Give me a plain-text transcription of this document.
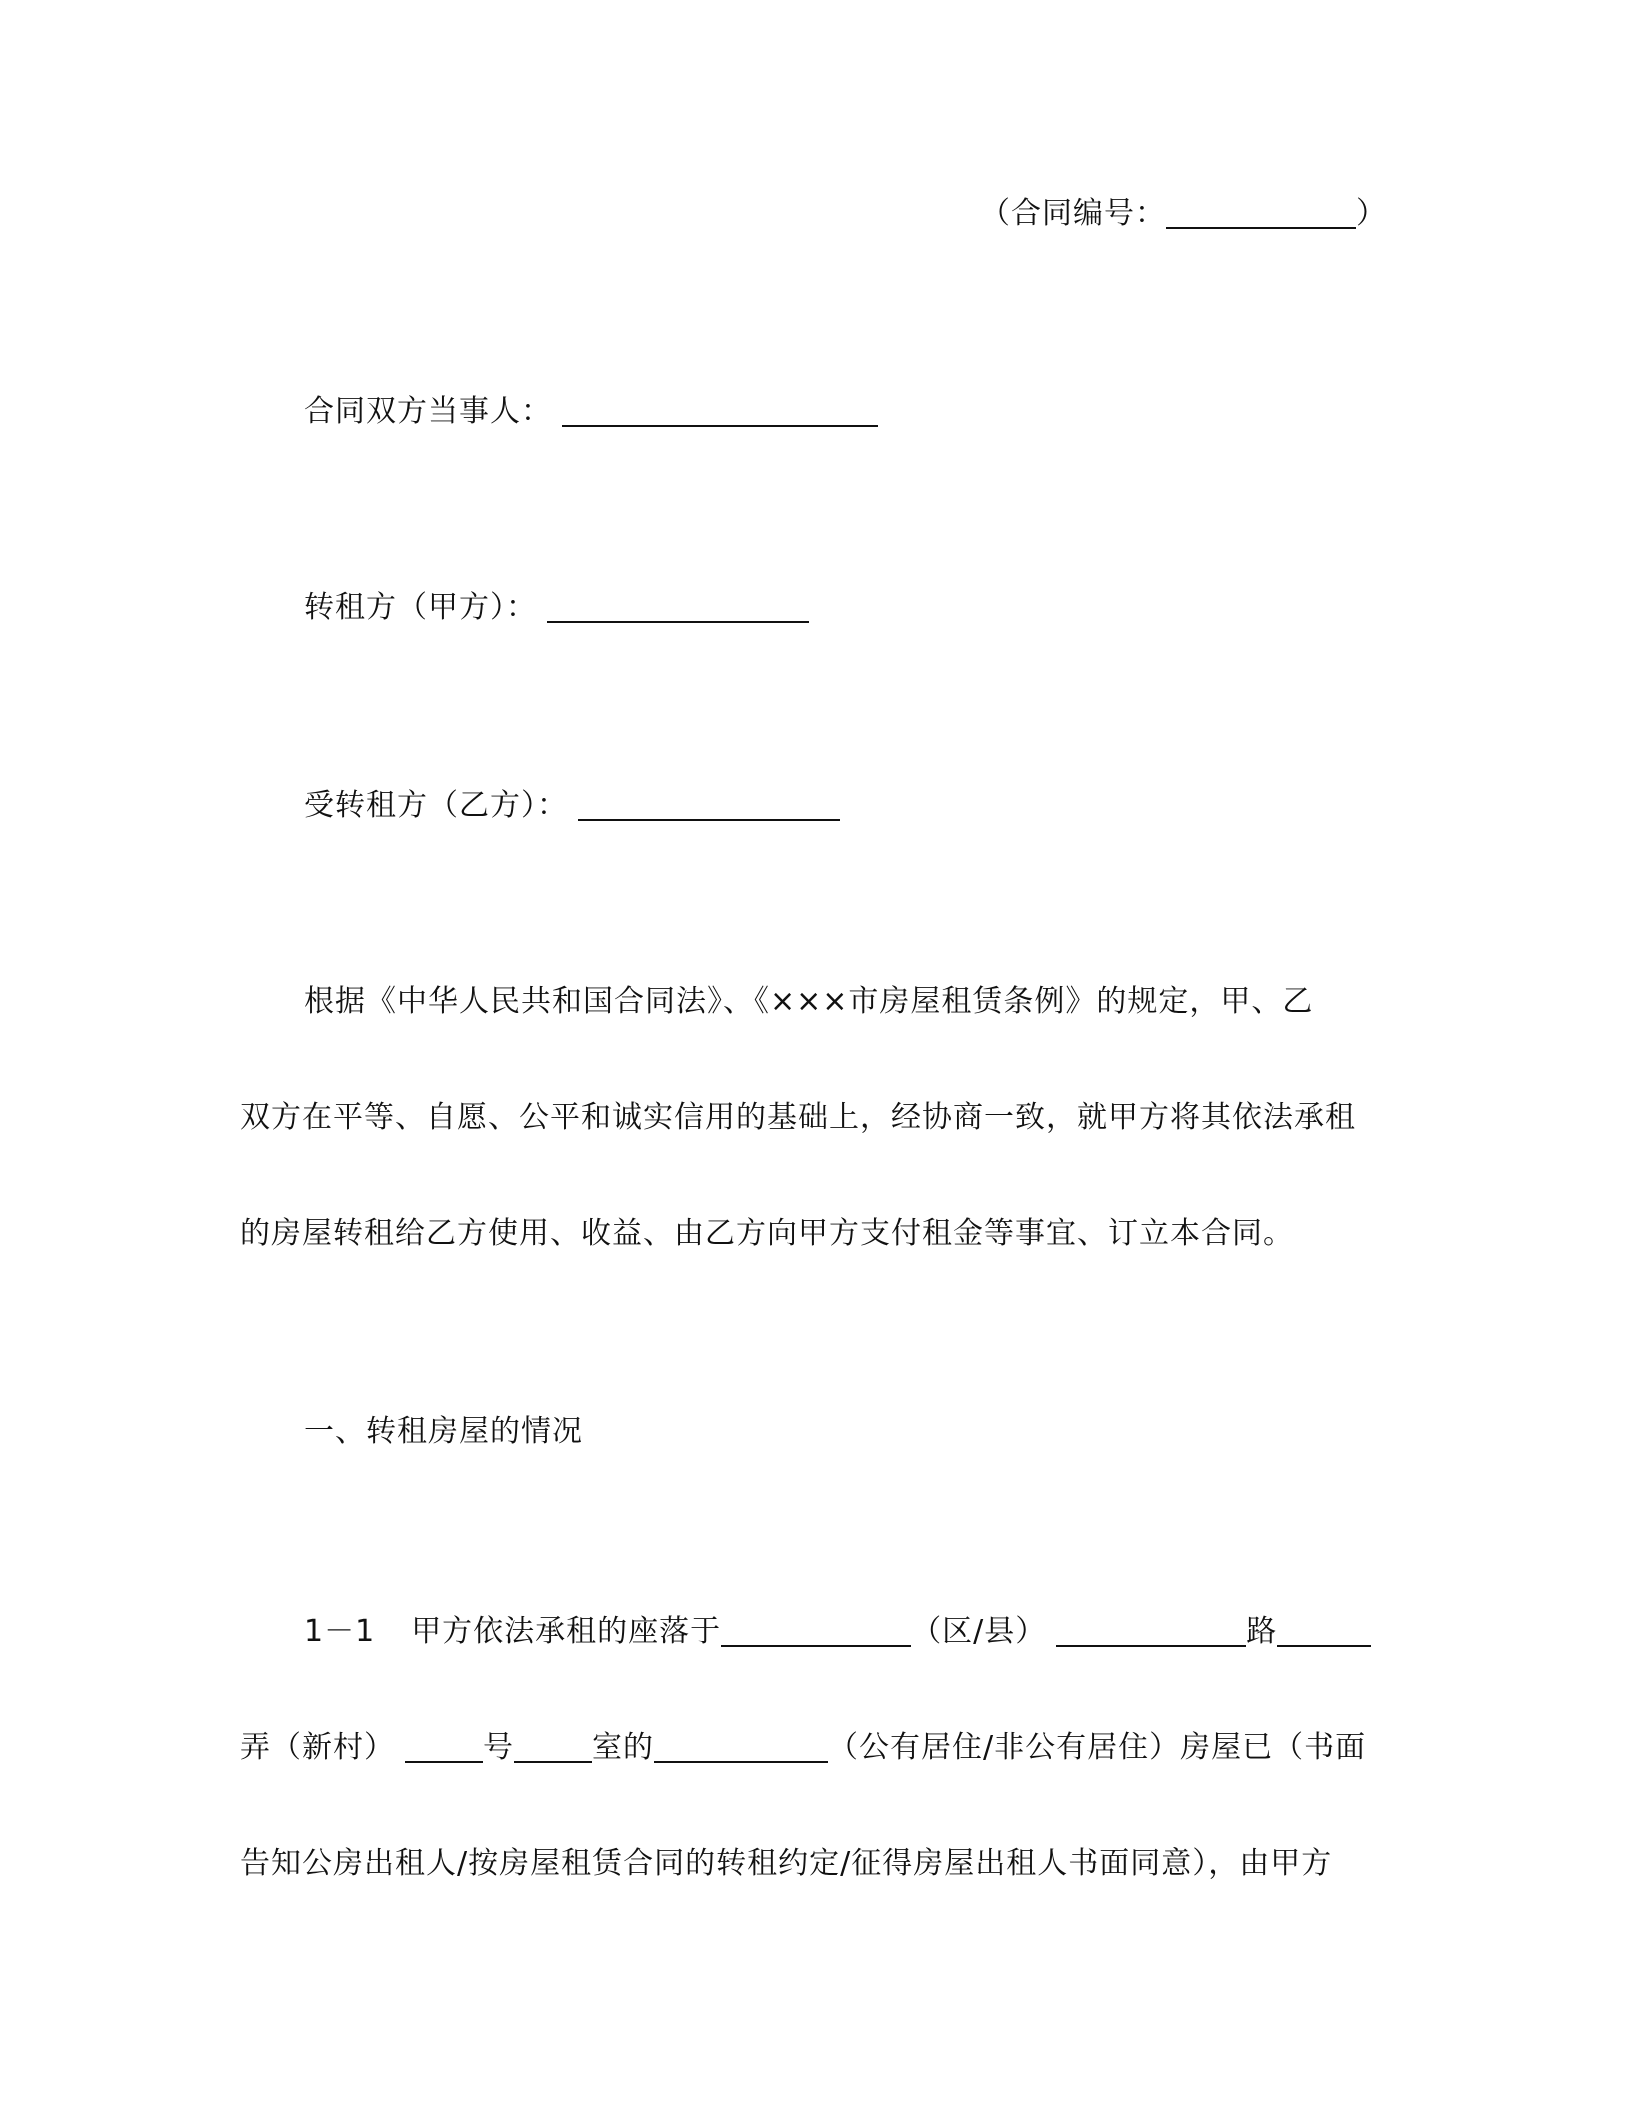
（合同编号：	）
合同双方当事人：
转租方（甲方）：
受转租方（乙方）：
根据《中华人民共和国合同法》、《×××市房屋租赁条例》的规定，甲、乙
双方在平等、自愿、公平和诚实信用的基础上，经协商一致，就甲方将其依法承租
的房屋转租给乙方使用、收益、由乙方向甲方支付租金等事宜、订立本合同。
一、转租房屋的情况
1－1 甲方依法承租的座落于	（区/县）	路
弄（新村）	号	室的	（公有居住/非公有居住）房屋已（书面
告知公房出租人/按房屋租赁合同的转租约定/征得房屋出租人书面同意），由甲方
